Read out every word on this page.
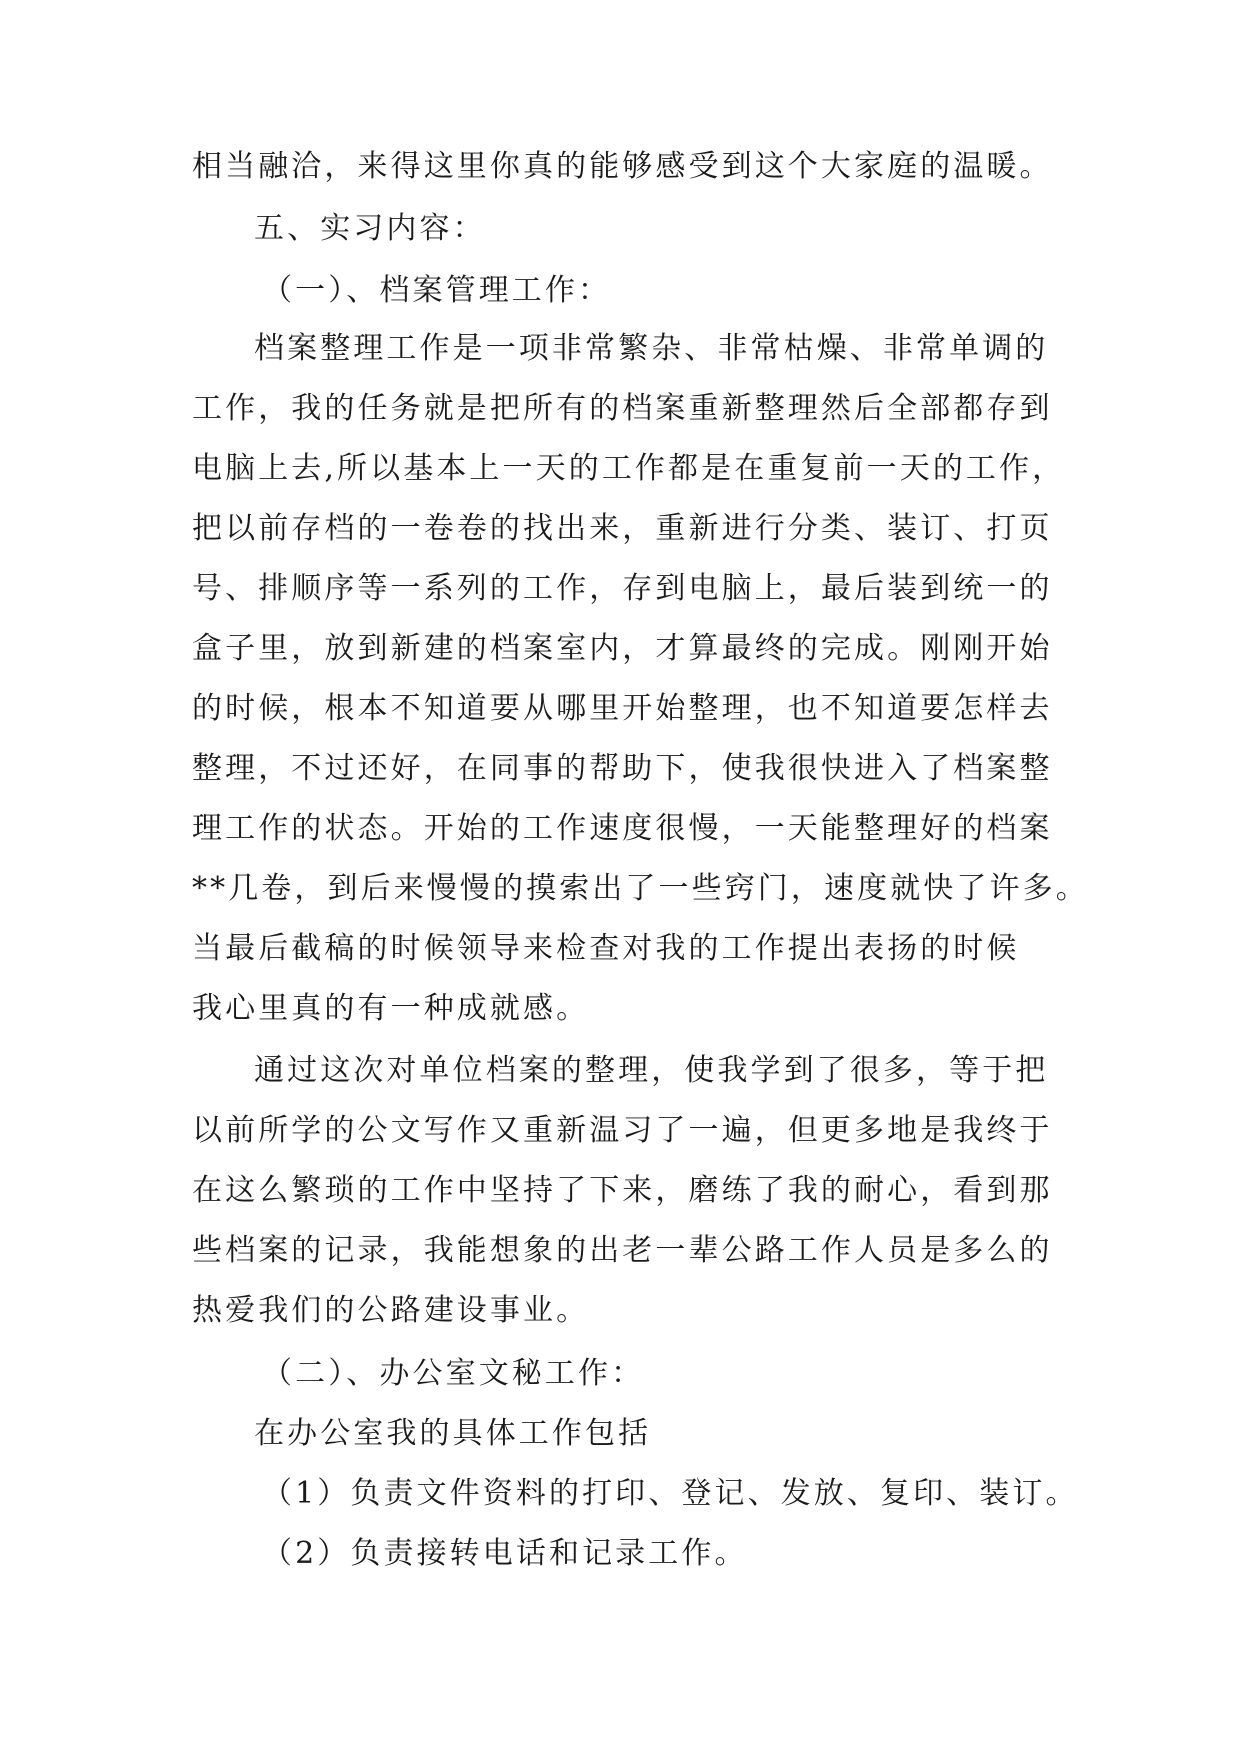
相当融洽，来得这里你真的能够感受到这个大家庭的温暖。
五、实习内容：
（一）、档案管理工作：
档案整理工作是一项非常繁杂、非常枯燥、非常单调的
工作，我的任务就是把所有的档案重新整理然后全部都存到
电脑上去,所以基本上一天的工作都是在重复前一天的工作，
把以前存档的一卷卷的找出来，重新进行分类、装订、打页
号、排顺序等一系列的工作，存到电脑上，最后装到统一的
盒子里，放到新建的档案室内，才算最终的完成。刚刚开始
的时候，根本不知道要从哪里开始整理，也不知道要怎样去
整理，不过还好，在同事的帮助下，使我很快进入了档案整
理工作的状态。开始的工作速度很慢，一天能整理好的档案
**几卷，到后来慢慢的摸索出了一些窍门，速度就快了许多。
当最后截稿的时候领导来检查对我的工作提出表扬的时候
我心里真的有一种成就感。
通过这次对单位档案的整理，使我学到了很多，等于把
以前所学的公文写作又重新温习了一遍，但更多地是我终于
在这么繁琐的工作中坚持了下来，磨练了我的耐心，看到那
些档案的记录，我能想象的出老一辈公路工作人员是多么的
热爱我们的公路建设事业。
（二）、办公室文秘工作：
在办公室我的具体工作包括
（1）负责文件资料的打印、登记、发放、复印、装订。
（2）负责接转电话和记录工作。
